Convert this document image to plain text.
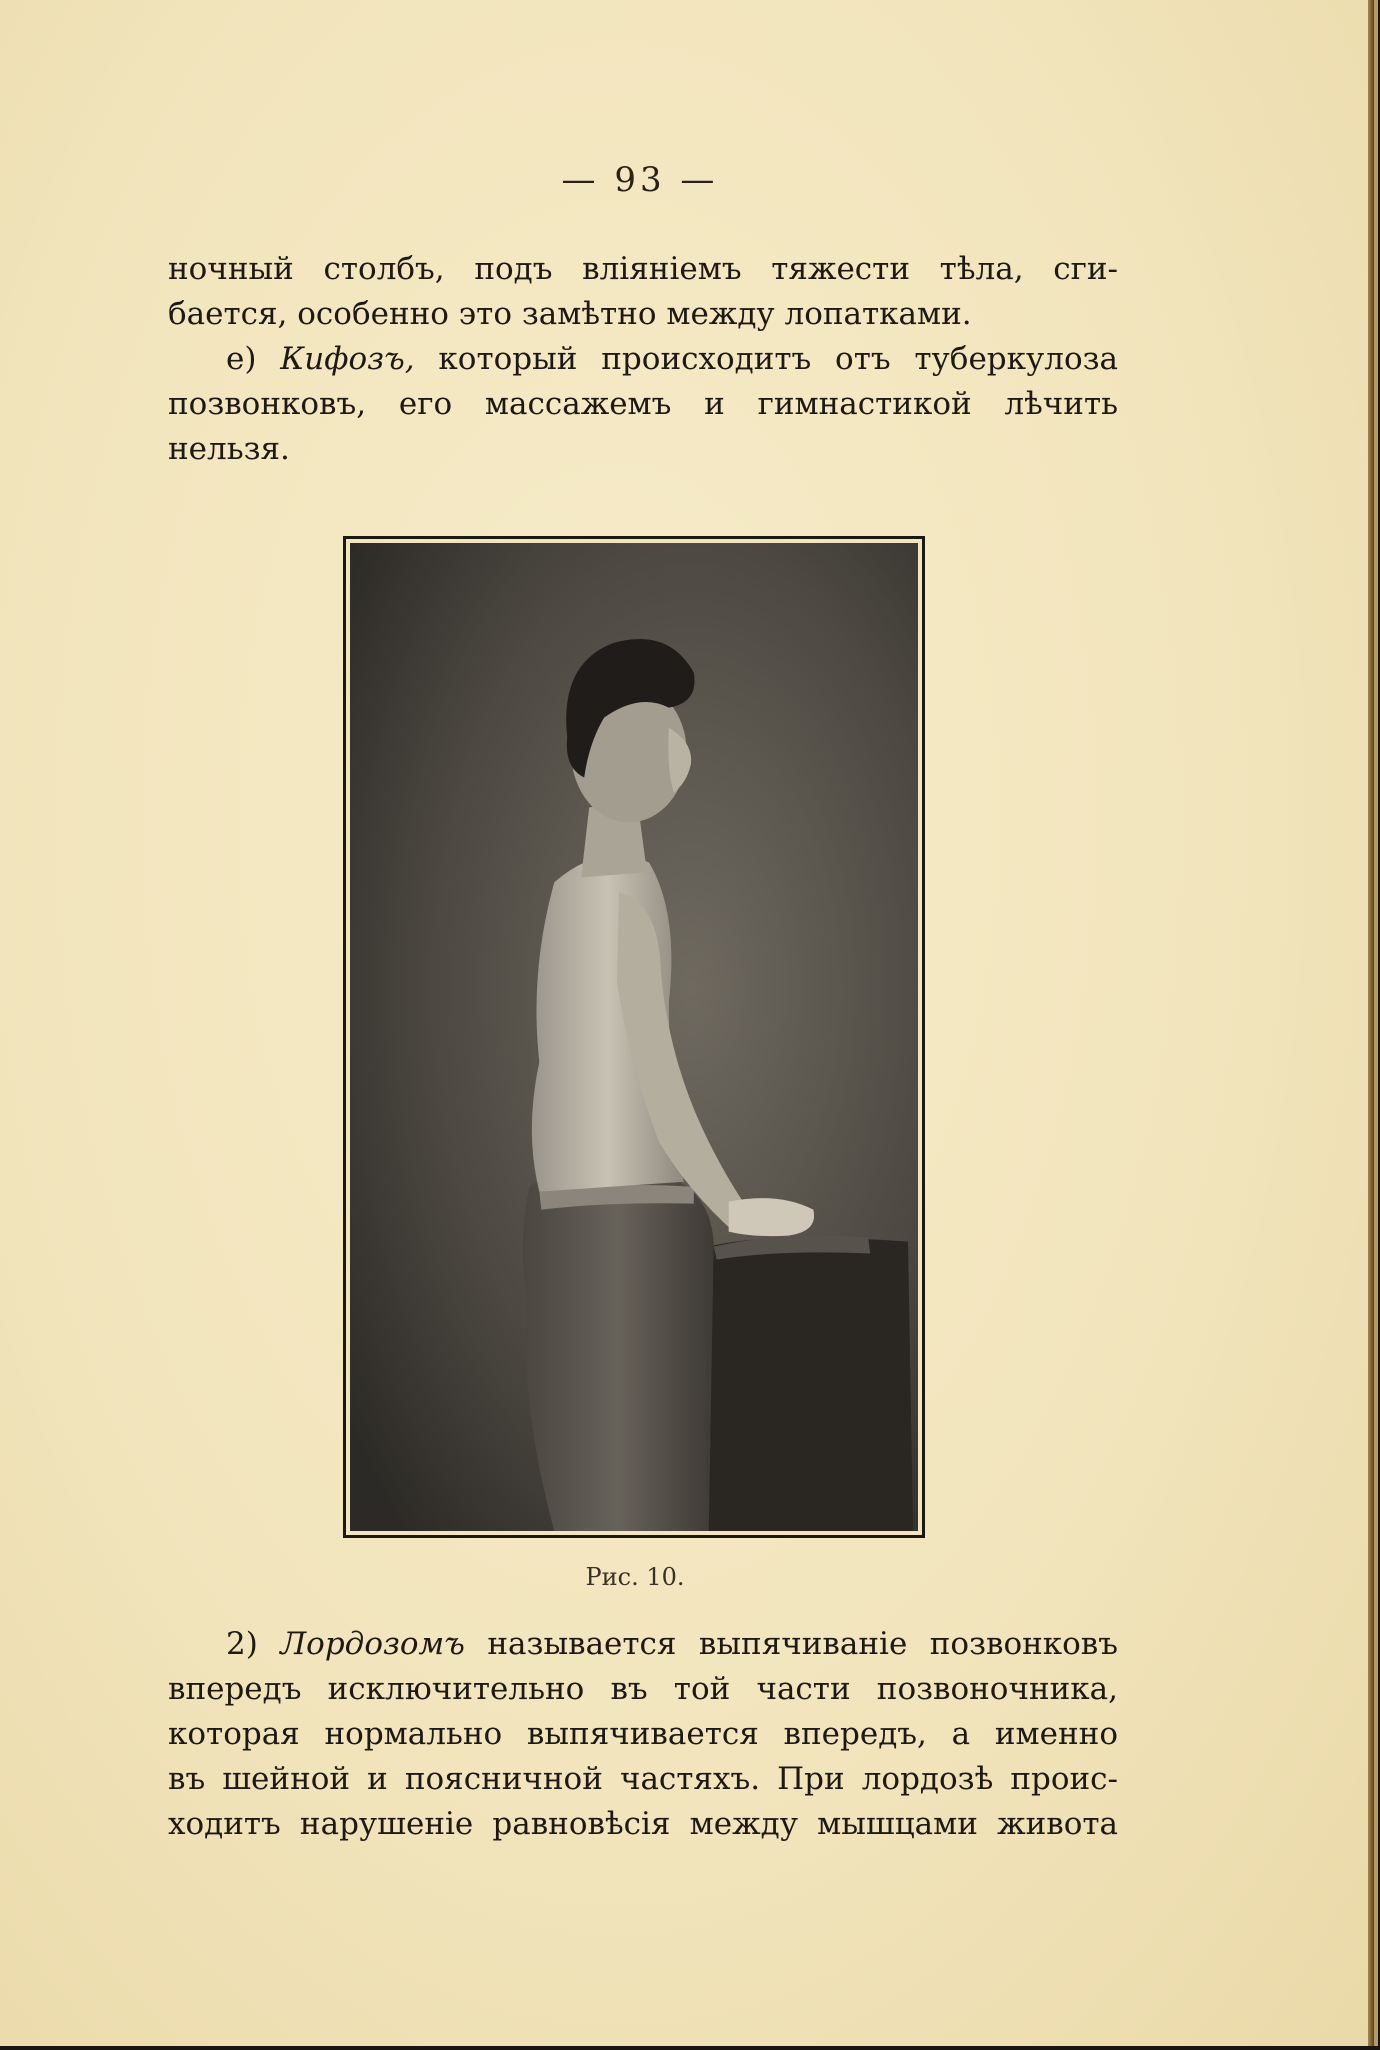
— 93 —
ночный столбъ, подъ вліяніемъ тяжести тѣла, сги-
бается, особенно это замѣтно между лопатками.
е) Кифозъ, который происходитъ отъ туберкулоза
позвонковъ, его массажемъ и гимнастикой лѣчить
нельзя.
Рис. 10.
2) Лордозомъ называется выпячиваніе позвонковъ
впередъ исключительно въ той части позвоночника,
которая нормально выпячивается впередъ, а именно
въ шейной и поясничной частяхъ. При лордозѣ проис-
ходитъ нарушеніе равновѣсія между мышцами живота
